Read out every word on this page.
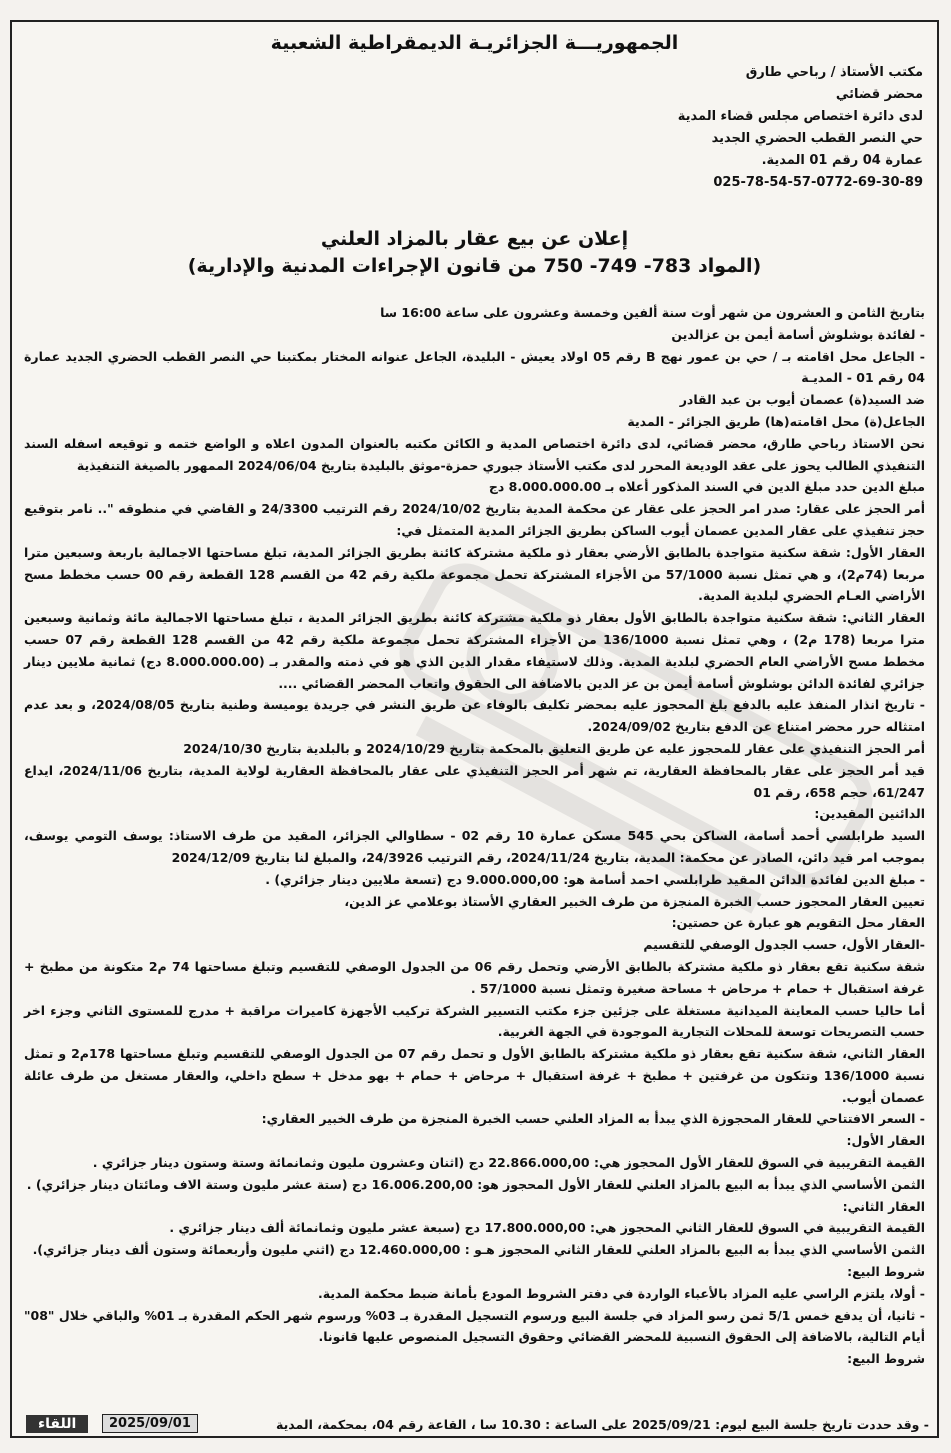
الجمهوريـــة الجزائريـة الديمقراطية الشعبية
مكتب الأستاذ / رباحي طارق
محضر قضائي
لدى دائرة اختصاص مجلس قضاء المدية
حي النصر القطب الحضري الجديد
عمارة 04 رقم 01 المدية.
025-78-54-57-0772-69-30-89
إعلان عن بيع عقار بالمزاد العلني
(المواد 783- 749- 750 من قانون الإجراءات المدنية والإدارية)

بتاريخ الثامن و العشرون من شهر أوت سنة ألفين وخمسة وعشرون على ساعة 16:00 سا

- لفائدة بوشلوش أسامة أيمن بن عزالدين

- الجاعل محل اقامته بـ / حي بن عمور نهج B رقم 05 اولاد يعيش - البليدة، الجاعل عنوانه المختار بمكتبنا حي النصر القطب الحضري الجديد عمارة 04 رقم 01 - المديـة

ضد السيد(ة) عصمان أيوب بن عبد القادر

الجاعل(ة) محل اقامته(ها) طريق الجزائر - المدية

نحن الاستاذ رباحي طارق، محضر قضائي، لدى دائرة اختصاص المدية و الكائن مكتبه بالعنوان المدون اعلاه و الواضع ختمه و توقيعه اسفله السند التنفيذي الطالب يحوز على عقد الوديعة المحرر لدى مكتب الأستاذ جبوري حمزة-موثق بالبليدة بتاريخ 2024/06/04 الممهور بالصيغة التنفيذية

مبلغ الدين حدد مبلغ الدين في السند المذكور أعلاه بـ 8.000.000.00 دج

أمر الحجز على عقار: صدر امر الحجز على عقار عن محكمة المدية بتاريخ 2024/10/02 رقم الترتيب 24/3300 و القاضي في منطوقه ".. نامر بتوقيع حجز تنفيذي على عقار المدين عصمان أيوب الساكن بطريق الجزائر المدية المتمثل في:

العقار الأول: شقة سكنية متواجدة بالطابق الأرضي بعقار ذو ملكية مشتركة كائنة بطريق الجزائر المدية، تبلغ مساحتها الاجمالية باربعة وسبعين مترا مربعا (74م2)، و هي تمثل نسبة 57/1000 من الأجزاء المشتركة تحمل مجموعة ملكية رقم 42 من القسم 128 القطعة رقم 00 حسب مخطط مسح الأراضي العـام الحضري لبلدية المدية.

العقار الثاني: شقة سكنية متواجدة بالطابق الأول بعقار ذو ملكية مشتركة كائنة بطريق الجزائر المدية ، تبلغ مساحتها الاجمالية مائة وثمانية وسبعين مترا مربعا (178 م2) ، وهي تمثل نسبة 136/1000 من الأجزاء المشتركة تحمل مجموعة ملكية رقم 42 من القسم 128 القطعة رقم 07 حسب مخطط مسح الأراضي العام الحضري لبلدية المدية. وذلك لاستيفاء مقدار الدين الذي هو في ذمته والمقدر بـ (8.000.000.00 دج) ثمانية ملايين دينار جزائري لفائدة الدائن بوشلوش أسامة أيمن بن عز الدين بالاضافة الى الحقوق واتعاب المحضر القضائي ....

- تاريخ انذار المنفذ عليه بالدفع بلغ المحجوز عليه بمحضر تكليف بالوفاء عن طريق النشر في جريدة يوميسة وطنية بتاريخ 2024/08/05، و بعد عدم امتثاله حرر محضر امتناع عن الدفع بتاريخ 2024/09/02.

أمر الحجز التنفيذي على عقار للمحجوز عليه عن طريق التعليق بالمحكمة بتاريخ 2024/10/29 و بالبلدية بتاريخ 2024/10/30

قيد أمر الحجز على عقار بالمحافظة العقارية، تم شهر أمر الحجز التنفيذي على عقار بالمحافظة العقارية لولاية المدية، بتاريخ 2024/11/06، ايداع 61/247، حجم 658، رقم 01

الدائنين المقيدين:

السيد طرابلسي أحمد أسامة، الساكن بحي 545 مسكن عمارة 10 رقم 02 - سطاوالي الجزائر، المقيد من طرف الاستاذ: يوسف التومي يوسف، بموجب امر قيد دائن، الصادر عن محكمة: المدية، بتاريخ 2024/11/24، رقم الترتيب 24/3926، والمبلغ لنا بتاريخ 2024/12/09

- مبلغ الدين لفائدة الدائن المقيد طرابلسي احمد أسامة هو: 9.000.000,00 دج (تسعة ملايين دينار جزائري) .

تعيين العقار المحجوز حسب الخبرة المنجزة من طرف الخبير العقاري الأستاذ بوعلامي عز الدين،

العقار محل التقويم هو عبارة عن حصتين:

-العقار الأول، حسب الجدول الوصفي للتقسيم

شقة سكنية تقع بعقار ذو ملكية مشتركة بالطابق الأرضي وتحمل رقم 06 من الجدول الوصفي للتقسيم وتبلغ مساحتها 74 م2 متكونة من مطبخ + غرفة استقبال + حمام + مرحاض + مساحة صغيرة وتمثل نسبة 57/1000 .

أما حاليا حسب المعاينة الميدانية مستغلة على جزئين جزء مكتب التسيير الشركة تركيب الأجهزة كاميرات مراقبة + مدرج للمستوى الثاني وجزء اخر حسب التصريحات توسعة للمحلات التجارية الموجودة في الجهة الغربية.

العقار الثاني، شقة سكنية تقع بعقار ذو ملكية مشتركة بالطابق الأول و تحمل رقم 07 من الجدول الوصفي للتقسيم وتبلغ مساحتها 178م2 و تمثل نسبة 136/1000 وتتكون من غرفتين + مطبخ + غرفة استقبال + مرحاض + حمام + بهو مدخل + سطح داخلي، والعقار مستغل من طرف عائلة عصمان أيوب.

- السعر الافتتاحي للعقار المحجوزة الذي يبدأ به المزاد العلني حسب الخبرة المنجزة من طرف الخبير العقاري:

العقار الأول:

القيمة التقريبية في السوق للعقار الأول المحجوز هي: 22.866.000,00 دج (اثنان وعشرون مليون وثمانمائة وستة وستون دينار جزائري .

الثمن الأساسي الذي يبدأ به البيع بالمزاد العلني للعقار الأول المحجوز هو: 16.006.200,00 دج (ستة عشر مليون وستة الاف ومائتان دينار جزائري) .

العقار الثاني:

القيمة التقريبية في السوق للعقار الثاني المحجوز هي: 17.800.000,00 دج (سبعة عشر مليون وثمانمائة ألف دينار جزائري .

الثمن الأساسي الذي يبدأ به البيع بالمزاد العلني للعقار الثاني المحجوز هـو : 12.460.000,00 دج (اثني مليون وأربعمائة وستون ألف دينار جزائري).

شروط البيع:

- أولا، يلتزم الراسي عليه المزاد بالأعباء الواردة في دفتر الشروط المودع بأمانة ضبط محكمة المدية.

- ثانيا، أن يدفع خمس 5/1 ثمن رسو المزاد في جلسة البيع ورسوم التسجيل المقدرة بـ 03% ورسوم شهر الحكم المقدرة بـ 01% والباقي خلال "08" أيام التالية، بالاضافة إلى الحقوق النسبية للمحضر القضائي وحقوق التسجيل المنصوص عليها قانونا.

شروط البيع:

- وقد حددت تاريخ جلسة البيع ليوم: 2025/09/21 على الساعة : 10.30 سا ، القاعة رقم 04، بمحكمة، المدية
2025/09/01
اللقاء
